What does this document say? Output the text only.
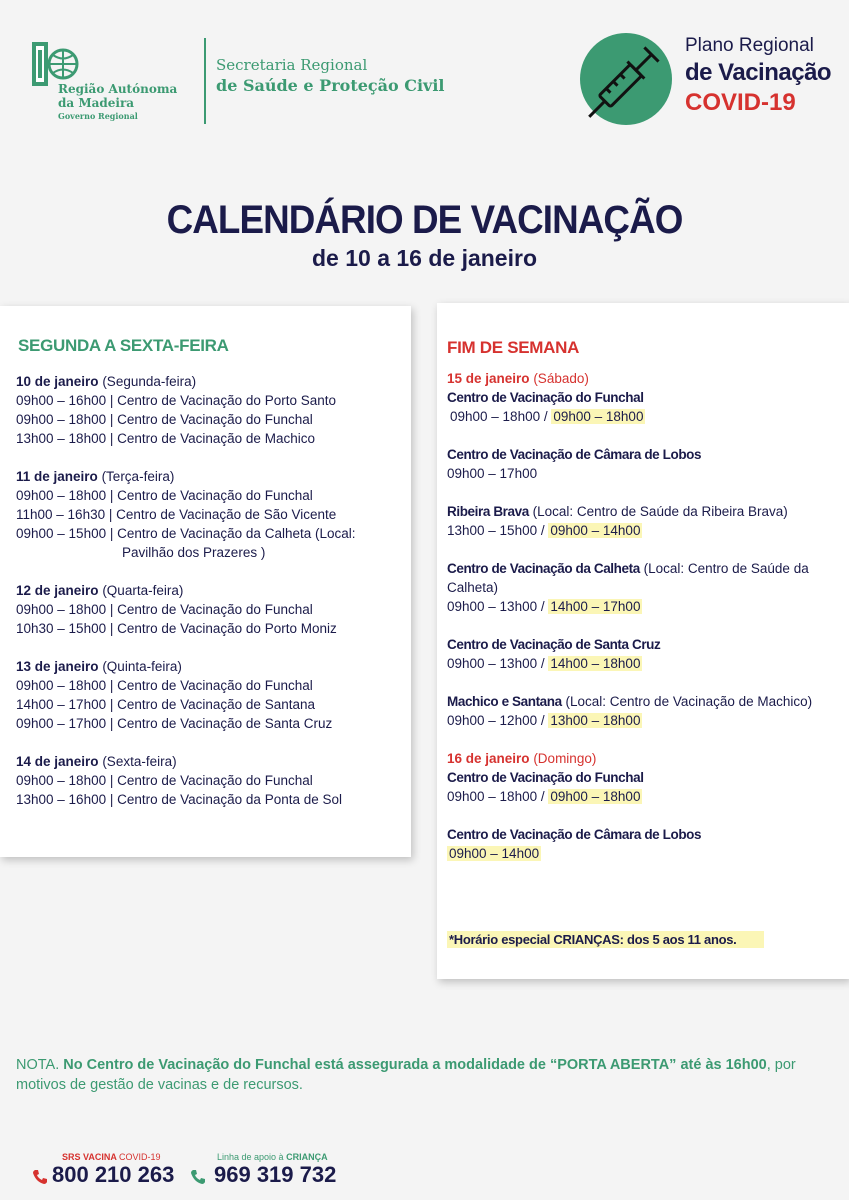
Região Autónoma
da Madeira
Governo Regional
Secretaria Regional
de Saúde e Proteção Civil
Plano Regional
de Vacinação
COVID-19
CALENDÁRIO DE VACINAÇÃO
de 10 a 16 de janeiro
SEGUNDA A SEXTA-FEIRA
10 de janeiro (Segunda-feira)
09h00 – 16h00 | Centro de Vacinação do Porto Santo
09h00 – 18h00 | Centro de Vacinação do Funchal
13h00 – 18h00 | Centro de Vacinação de Machico
11 de janeiro (Terça-feira)
09h00 – 18h00 | Centro de Vacinação do Funchal
11h00 – 16h30 | Centro de Vacinação de São Vicente
09h00 – 15h00 | Centro de Vacinação da Calheta (Local:
Pavilhão dos Prazeres )
12 de janeiro (Quarta-feira)
09h00 – 18h00 | Centro de Vacinação do Funchal
10h30 – 15h00 | Centro de Vacinação do Porto Moniz
13 de janeiro (Quinta-feira)
09h00 – 18h00 | Centro de Vacinação do Funchal
14h00 – 17h00 | Centro de Vacinação de Santana
09h00 – 17h00 | Centro de Vacinação de Santa Cruz
14 de janeiro (Sexta-feira)
09h00 – 18h00 | Centro de Vacinação do Funchal
13h00 – 16h00 | Centro de Vacinação da Ponta de Sol
FIM DE SEMANA
15 de janeiro (Sábado)
Centro de Vacinação do Funchal
09h00 – 18h00 / 09h00 – 18h00
Centro de Vacinação de Câmara de Lobos
09h00 – 17h00
Ribeira Brava (Local: Centro de Saúde da Ribeira Brava)
13h00 – 15h00 / 09h00 – 14h00
Centro de Vacinação da Calheta (Local: Centro de Saúde da Calheta)
09h00 – 13h00 / 14h00 – 17h00
Centro de Vacinação de Santa Cruz
09h00 – 13h00 / 14h00 – 18h00
Machico e Santana (Local: Centro de Vacinação de Machico)
09h00 – 12h00 / 13h00 – 18h00
16 de janeiro (Domingo)
Centro de Vacinação do Funchal
09h00 – 18h00 / 09h00 – 18h00
Centro de Vacinação de Câmara de Lobos
09h00 – 14h00
*Horário especial CRIANÇAS: dos 5 aos 11 anos.
NOTA. No Centro de Vacinação do Funchal está assegurada a modalidade de “PORTA ABERTA” até às 16h00, por motivos de gestão de vacinas e de recursos.
SRS VACINA COVID-19
800 210 263
Linha de apoio à CRIANÇA
969 319 732
